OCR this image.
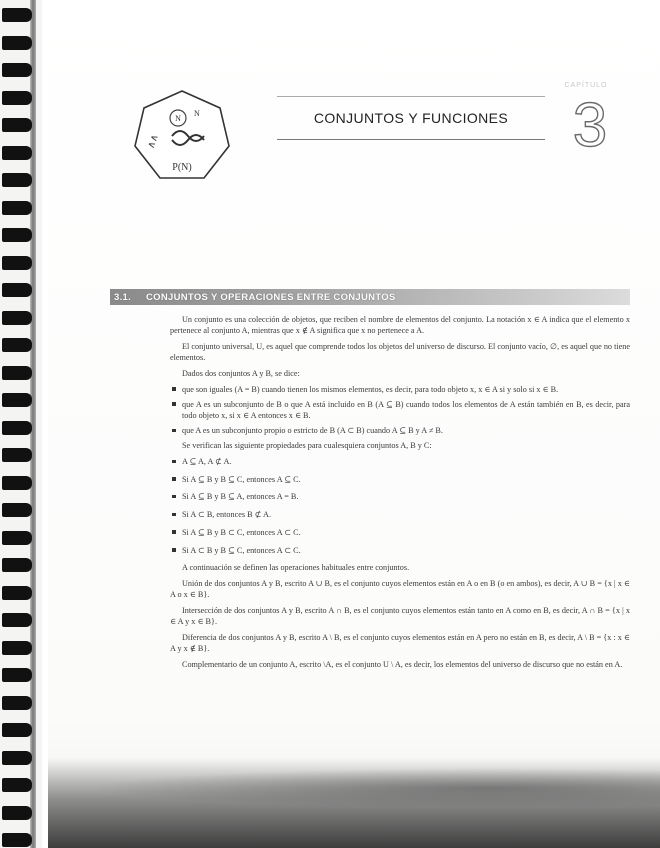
N
N
∧∧
P(N)
CONJUNTOS Y FUNCIONES
CAPÍTULO
3
3.1.	CONJUNTOS Y OPERACIONES ENTRE CONJUNTOS

Un conjunto es una colección de objetos, que reciben el nombre de elementos del conjunto. La notación x ∈ A indica que el elemento x pertenece al conjunto A, mientras que x ∉ A significa que x no pertenece a A.

El conjunto universal, U, es aquel que comprende todos los objetos del universo de discurso. El conjunto vacío, ∅, es aquel que no tiene elementos.

Dados dos conjuntos A y B, se dice:

que son iguales (A = B) cuando tienen los mismos elementos, es decir, para todo objeto x, x ∈ A si y solo si x ∈ B.
que A es un subconjunto de B o que A está incluido en B (A ⊆ B) cuando todos los elementos de A están también en B, es decir, para todo objeto x, si x ∈ A entonces x ∈ B.
que A es un subconjunto propio o estricto de B (A ⊂ B) cuando A ⊆ B y A ≠ B.

Se verifican las siguiente propiedades para cualesquiera conjuntos A, B y C:

A ⊆ A, A ⊄ A.
Si A ⊆ B y B ⊆ C, entonces A ⊆ C.
Si A ⊆ B y B ⊆ A, entonces A = B.
Si A ⊂ B, entonces B ⊄ A.
Si A ⊆ B y B ⊂ C, entonces A ⊂ C.
Si A ⊂ B y B ⊆ C, entonces A ⊂ C.

A continuación se definen las operaciones habituales entre conjuntos.

Unión de dos conjuntos A y B, escrito A ∪ B, es el conjunto cuyos elementos están en A o en B (o en ambos), es decir, A ∪ B = {x | x ∈ A o x ∈ B}.

Intersección de dos conjuntos A y B, escrito A ∩ B, es el conjunto cuyos elementos están tanto en A como en B, es decir, A ∩ B = {x | x ∈ A y x ∈ B}.

Diferencia de dos conjuntos A y B, escrito A \ B, es el conjunto cuyos elementos están en A pero no están en B, es decir, A \ B = {x : x ∈ A y x ∉ B}.

Complementario de un conjunto A, escrito \A, es el conjunto U \ A, es decir, los elementos del universo de discurso que no están en A.
